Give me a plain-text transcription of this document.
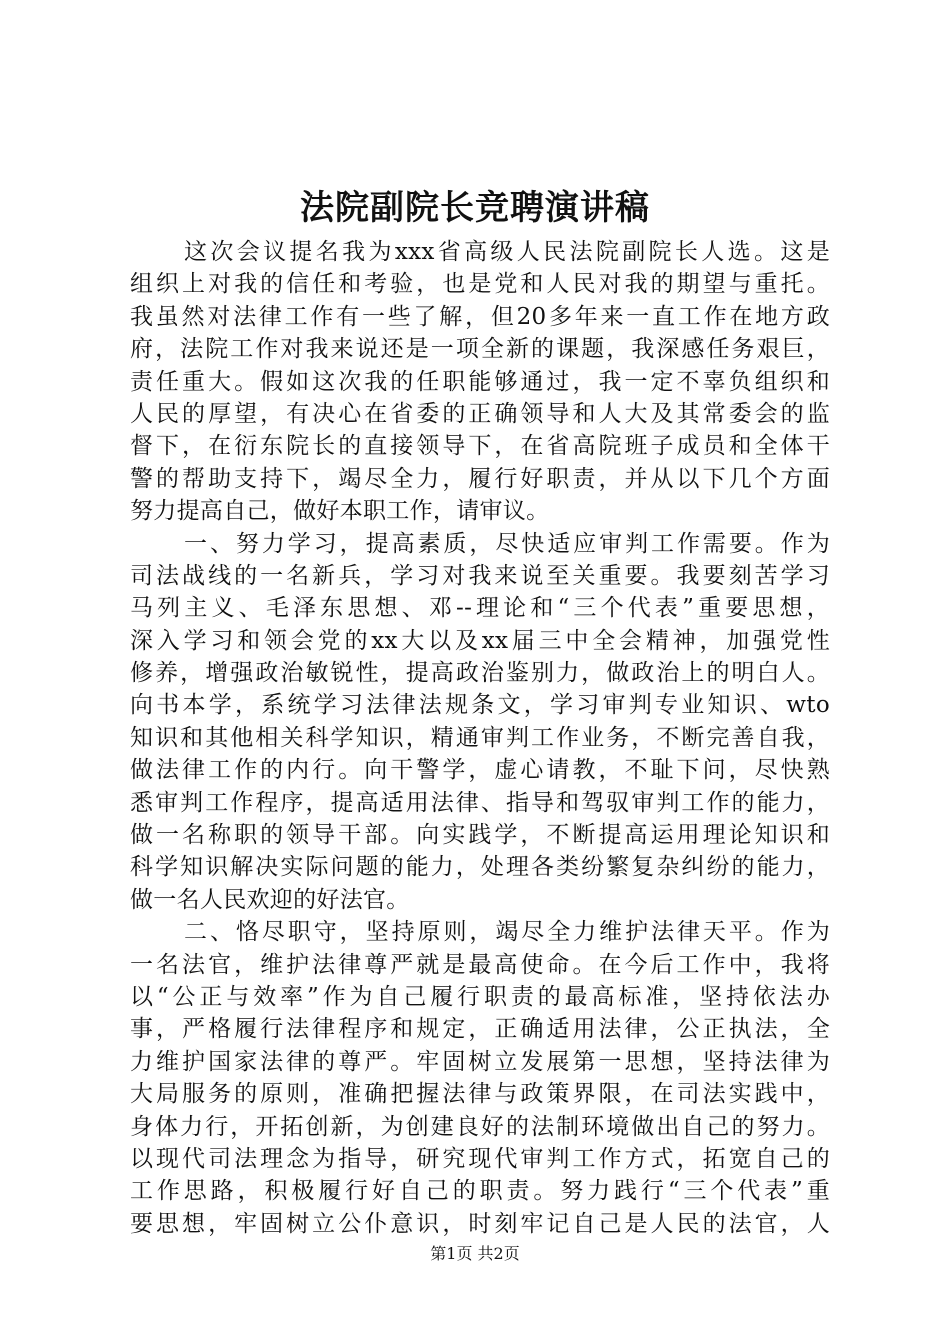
法院副院长竞聘演讲稿
这次会议提名我为xxx省高级人民法院副院长人选。这是
组织上对我的信任和考验，也是党和人民对我的期望与重托。
我虽然对法律工作有一些了解，但20多年来一直工作在地方政
府，法院工作对我来说还是一项全新的课题，我深感任务艰巨，
责任重大。假如这次我的任职能够通过，我一定不辜负组织和
人民的厚望，有决心在省委的正确领导和人大及其常委会的监
督下，在衍东院长的直接领导下，在省高院班子成员和全体干
警的帮助支持下，竭尽全力，履行好职责，并从以下几个方面
努力提高自己，做好本职工作，请审议。
一、努力学习，提高素质，尽快适应审判工作需要。作为
司法战线的一名新兵，学习对我来说至关重要。我要刻苦学习
马列主义、毛泽东思想、邓--理论和“三个代表”重要思想，
深入学习和领会党的xx大以及xx届三中全会精神，加强党性
修养，增强政治敏锐性，提高政治鉴别力，做政治上的明白人。
向书本学，系统学习法律法规条文，学习审判专业知识、wto
知识和其他相关科学知识，精通审判工作业务，不断完善自我，
做法律工作的内行。向干警学，虚心请教，不耻下问，尽快熟
悉审判工作程序，提高适用法律、指导和驾驭审判工作的能力，
做一名称职的领导干部。向实践学，不断提高运用理论知识和
科学知识解决实际问题的能力，处理各类纷繁复杂纠纷的能力，
做一名人民欢迎的好法官。
二、恪尽职守，坚持原则，竭尽全力维护法律天平。作为
一名法官，维护法律尊严就是最高使命。在今后工作中，我将
以“公正与效率”作为自己履行职责的最高标准，坚持依法办
事，严格履行法律程序和规定，正确适用法律，公正执法，全
力维护国家法律的尊严。牢固树立发展第一思想，坚持法律为
大局服务的原则，准确把握法律与政策界限，在司法实践中，
身体力行，开拓创新，为创建良好的法制环境做出自己的努力。
以现代司法理念为指导，研究现代审判工作方式，拓宽自己的
工作思路，积极履行好自己的职责。努力践行“三个代表”重
要思想，牢固树立公仆意识，时刻牢记自己是人民的法官，人
第1页 共2页
